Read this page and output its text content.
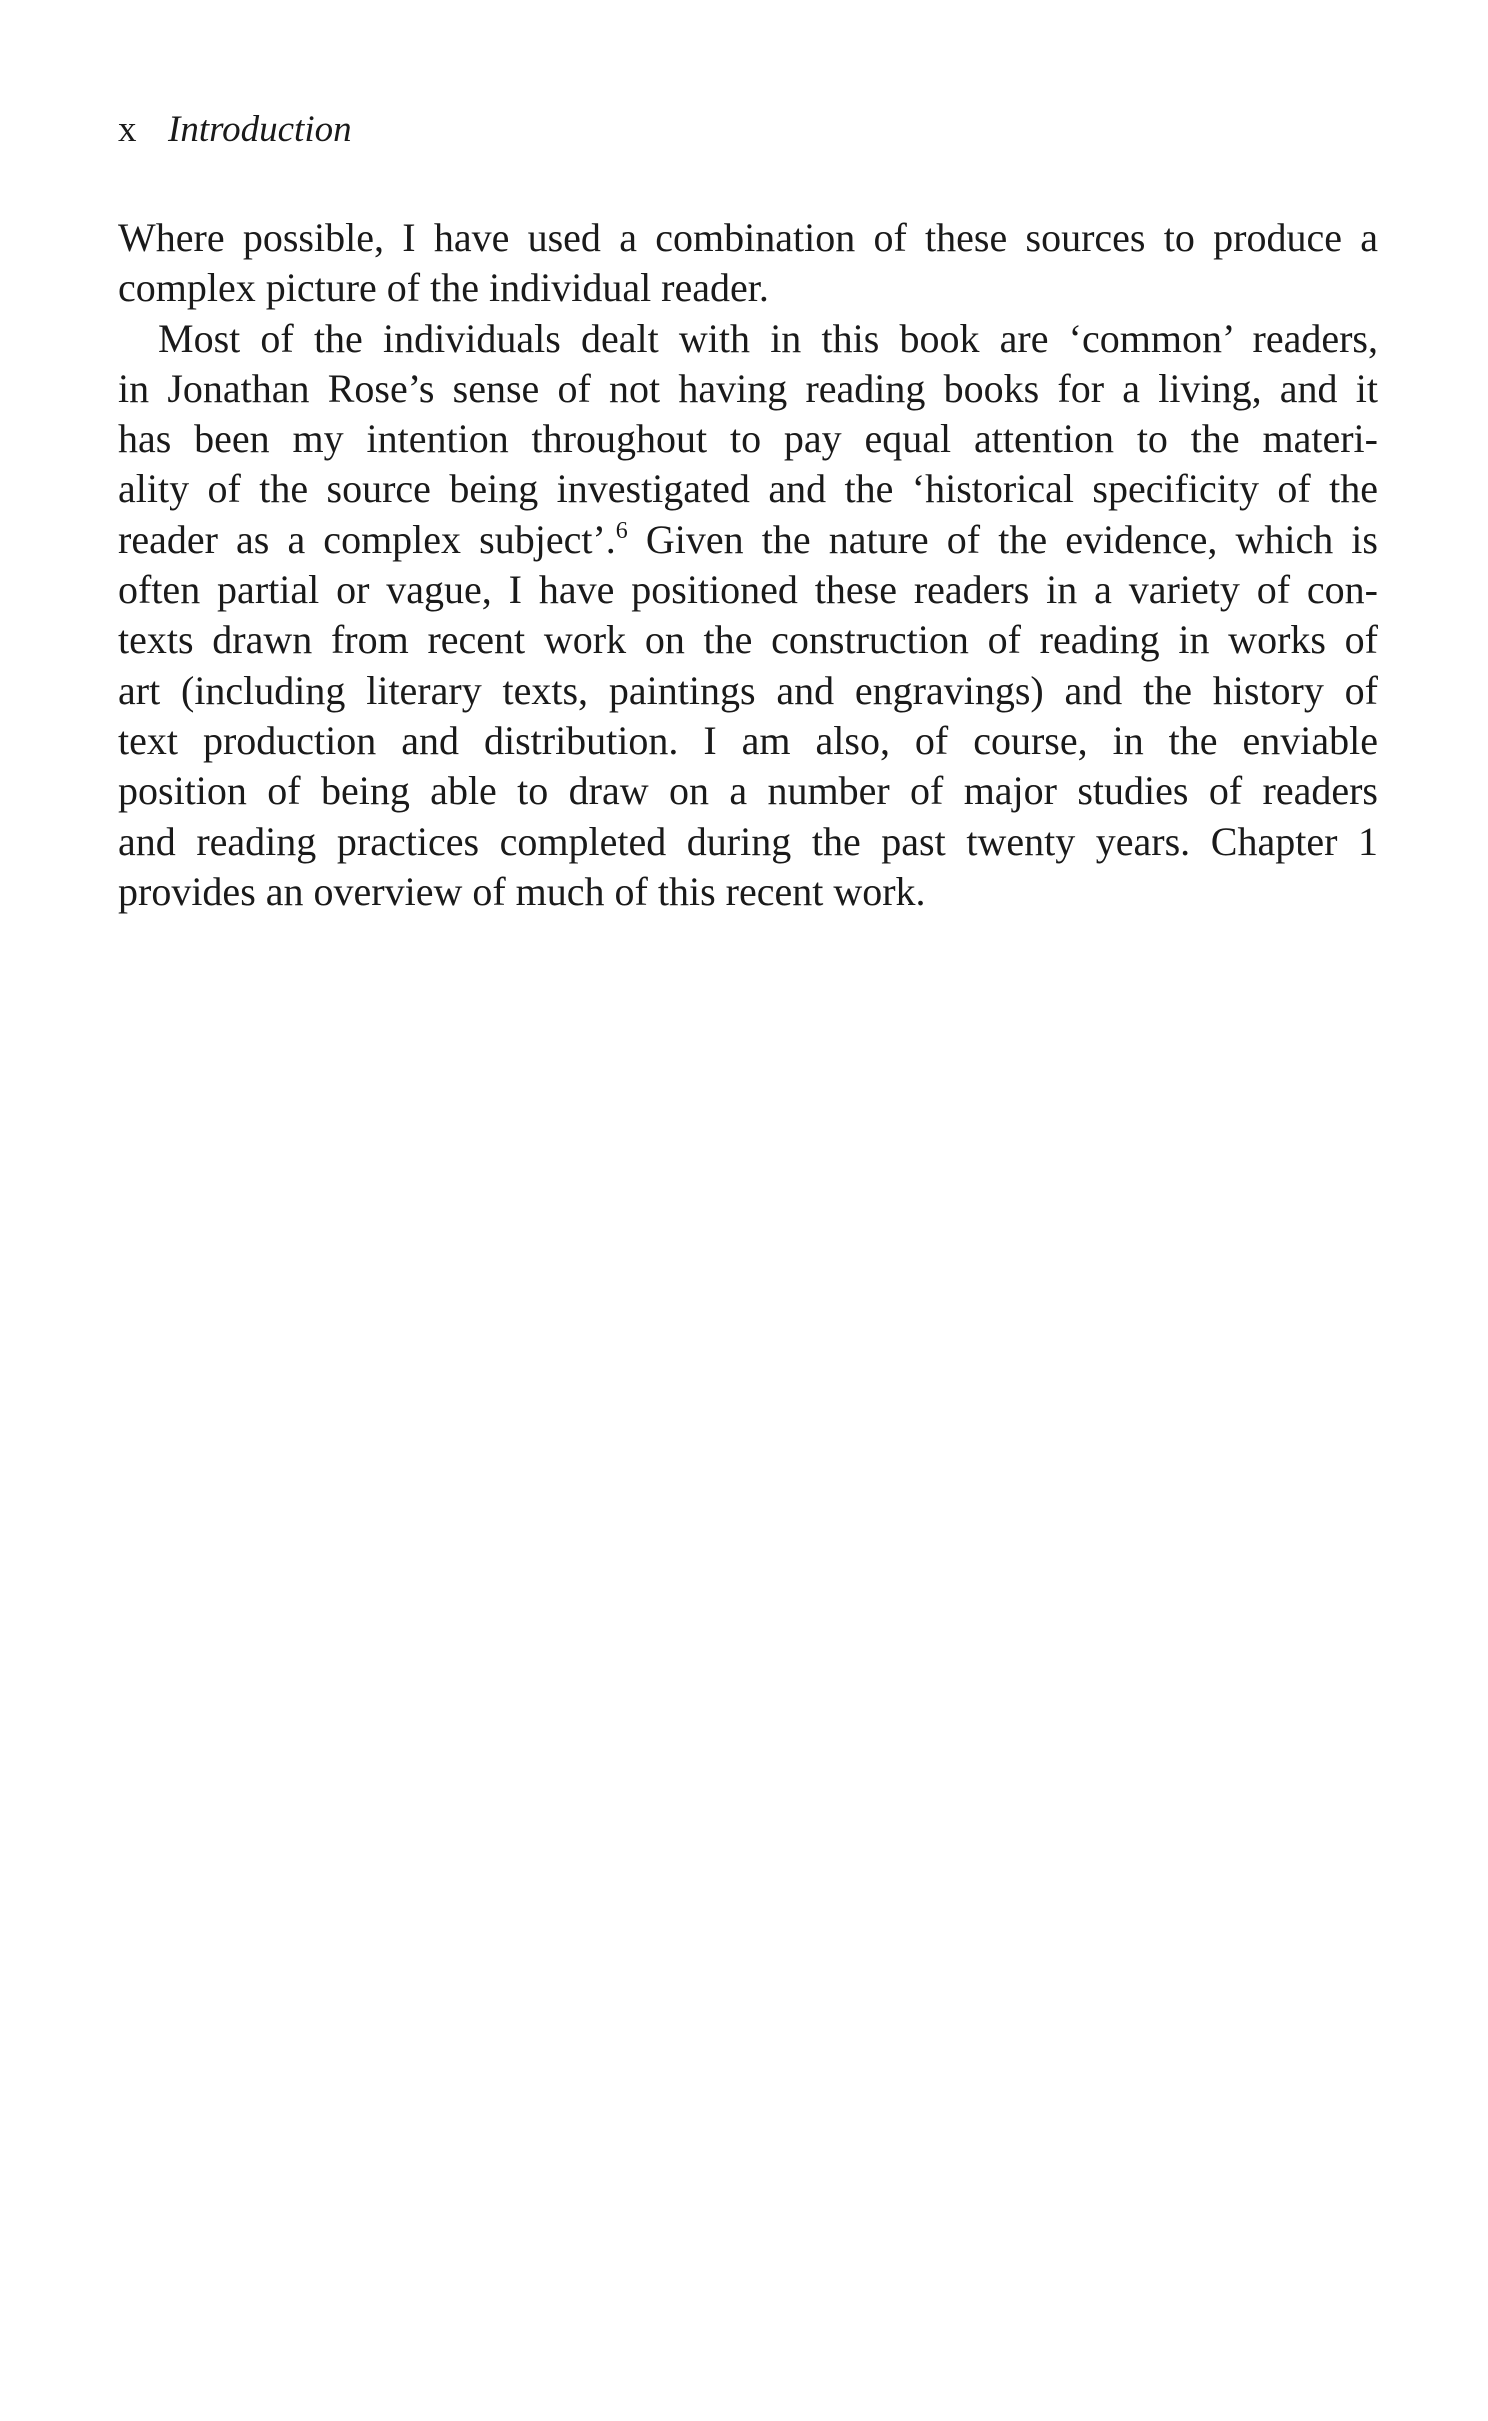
x Introduction
Where possible, I have used a combination of these sources to produce a
complex picture of the individual reader.
Most of the individuals dealt with in this book are ‘common’ readers,
in Jonathan Rose’s sense of not having reading books for a living, and it
has been my intention throughout to pay equal attention to the materi-
ality of the source being investigated and the ‘historical specificity of the
reader as a complex subject’.$^6$ Given the nature of the evidence, which is
often partial or vague, I have positioned these readers in a variety of con-
texts drawn from recent work on the construction of reading in works of
art (including literary texts, paintings and engravings) and the history of
text production and distribution. I am also, of course, in the enviable
position of being able to draw on a number of major studies of readers
and reading practices completed during the past twenty years. Chapter 1
provides an overview of much of this recent work.
